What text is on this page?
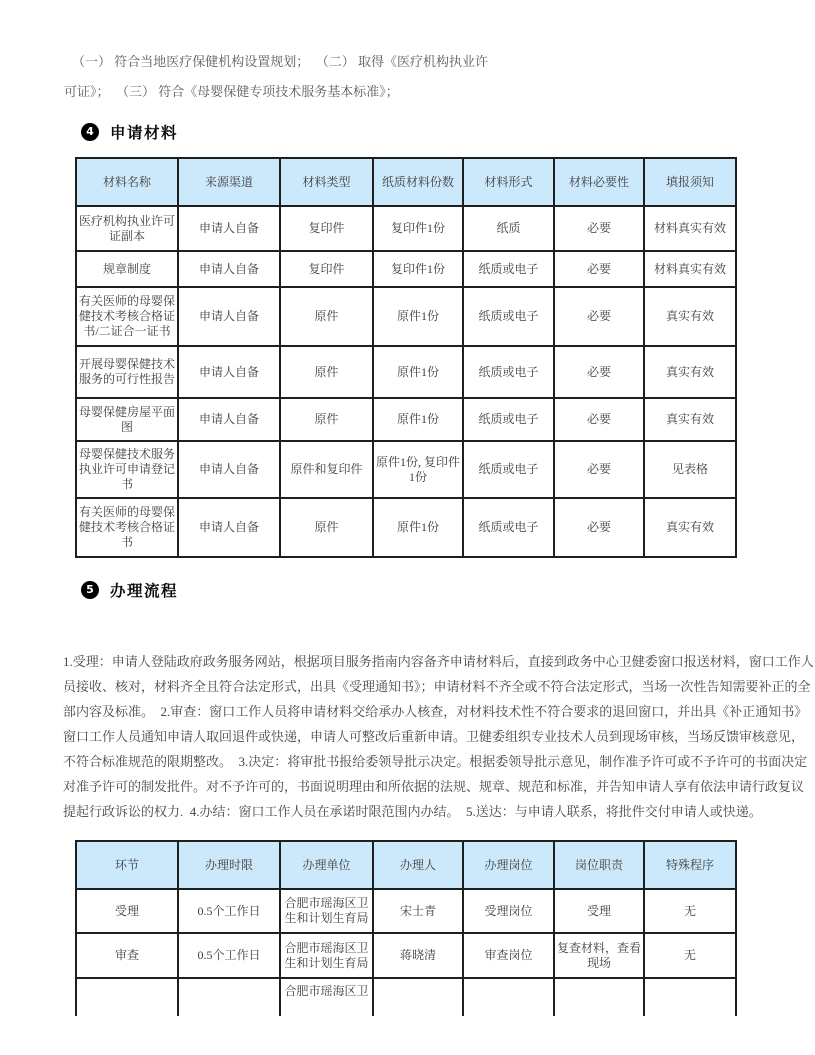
（一） 符合当地医疗保健机构设置规划；  （二） 取得《医疗机构执业许
可证》；  （三） 符合《母婴保健专项技术服务基本标准》；
4	申请材料
材料名称	来源渠道	材料类型	纸质材料份数	材料形式	材料必要性	填报须知
医疗机构执业许可证副本	申请人自备	复印件	复印件1份	纸质	必要	材料真实有效
规章制度	申请人自备	复印件	复印件1份	纸质或电子	必要	材料真实有效
有关医师的母婴保健技术考核合格证书/二证合一证书	申请人自备	原件	原件1份	纸质或电子	必要	真实有效
开展母婴保健技术服务的可行性报告	申请人自备	原件	原件1份	纸质或电子	必要	真实有效
母婴保健房屋平面图	申请人自备	原件	原件1份	纸质或电子	必要	真实有效
母婴保健技术服务执业许可申请登记书	申请人自备	原件和复印件	原件1份, 复印件1份	纸质或电子	必要	见表格
有关医师的母婴保健技术考核合格证书	申请人自备	原件	原件1份	纸质或电子	必要	真实有效
5	办理流程
1.受理：申请人登陆政府政务服务网站，根据项目服务指南内容备齐申请材料后，直接到政务中心卫健委窗口报送材料，窗口工作人
员接收、核对，材料齐全且符合法定形式，出具《受理通知书》；申请材料不齐全或不符合法定形式，当场一次性告知需要补正的全
部内容及标准。  2.审查：窗口工作人员将申请材料交给承办人核查，对材料技术性不符合要求的退回窗口，并出具《补正通知书》
窗口工作人员通知申请人取回退件或快递，申请人可整改后重新申请。卫健委组织专业技术人员到现场审核，当场反馈审核意见，
不符合标准规范的限期整改。  3.决定：将审批书报给委领导批示决定。根据委领导批示意见，制作准予许可或不予许可的书面决定
对准予许可的制发批件。对不予许可的，书面说明理由和所依据的法规、规章、规范和标准，并告知申请人享有依法申请行政复议
提起行政诉讼的权力.  4.办结：窗口工作人员在承诺时限范围内办结。  5.送达：与申请人联系，将批件交付申请人或快递。
环节	办理时限	办理单位	办理人	办理岗位	岗位职责	特殊程序
受理	0.5个工作日	合肥市瑶海区卫生和计划生育局	宋士青	受理岗位	受理	无
审查	0.5个工作日	合肥市瑶海区卫生和计划生育局	蒋晓清	审查岗位	复查材料，查看现场	无
		合肥市瑶海区卫				
